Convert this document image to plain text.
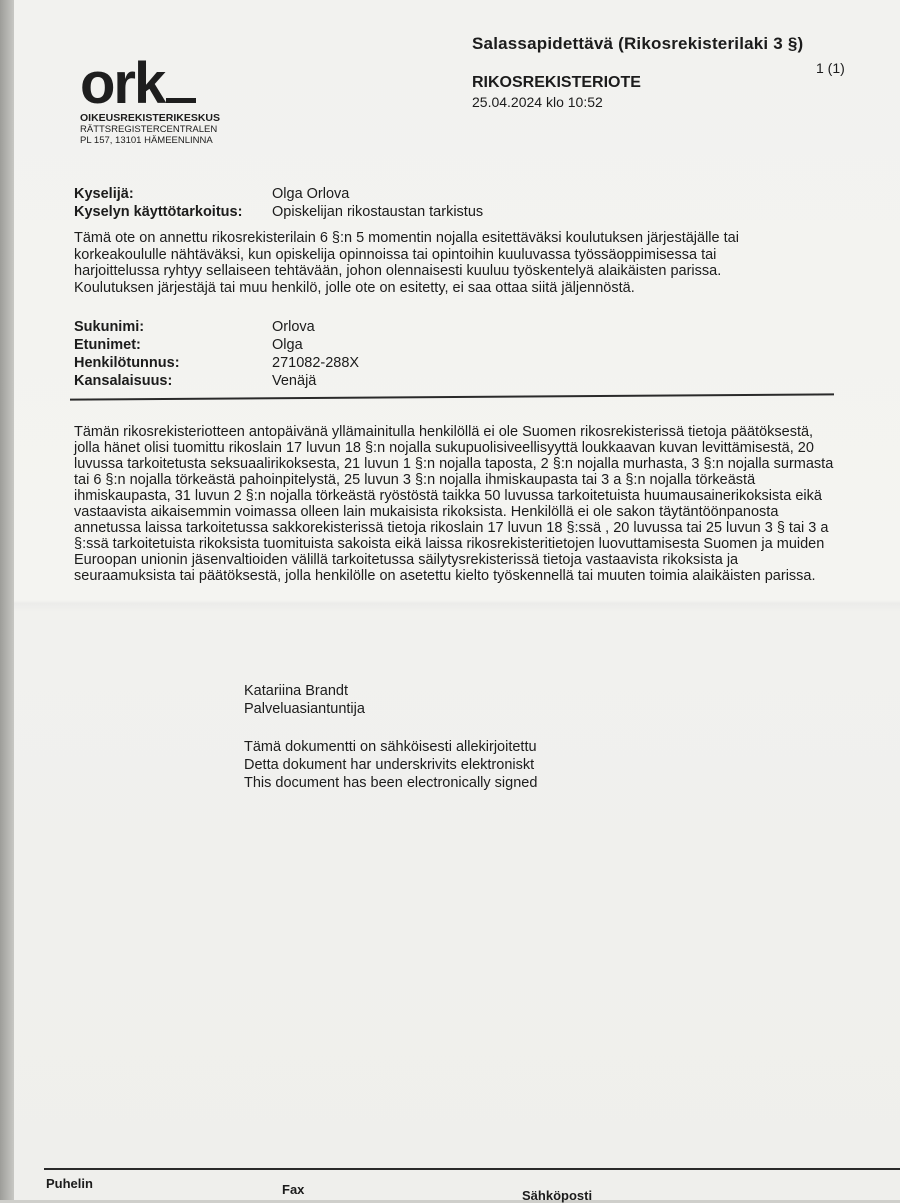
Salassapidettävä (Rikosrekisterilaki 3 §)
1 (1)
RIKOSREKISTERIOTE
25.04.2024 klo 10:52
ork
OIKEUSREKISTERIKESKUS
RÄTTSREGISTERCENTRALEN
PL 157, 13101 HÄMEENLINNA
Kyselijä:	Olga Orlova
Kyselyn käyttötarkoitus:	Opiskelijan rikostaustan tarkistus
Tämä ote on annettu rikosrekisterilain 6 §:n 5 momentin nojalla esitettäväksi koulutuksen järjestäjälle tai korkeakoululle nähtäväksi, kun opiskelija opinnoissa tai opintoihin kuuluvassa työssäoppimisessa tai harjoittelussa ryhtyy sellaiseen tehtävään, johon olennaisesti kuuluu työskentelyä alaikäisten parissa. Koulutuksen järjestäjä tai muu henkilö, jolle ote on esitetty, ei saa ottaa siitä jäljennöstä.
Sukunimi:	Orlova
Etunimet:	Olga
Henkilötunnus:	271082-288X
Kansalaisuus:	Venäjä
Tämän rikosrekisteriotteen antopäivänä yllämainitulla henkilöllä ei ole Suomen rikosrekisterissä tietoja päätöksestä, jolla hänet olisi tuomittu rikoslain 17 luvun 18 §:n nojalla sukupuolisiveellisyyttä loukkaavan kuvan levittämisestä, 20 luvussa tarkoitetusta seksuaalirikoksesta, 21 luvun 1 §:n nojalla taposta, 2 §:n nojalla murhasta, 3 §:n nojalla surmasta tai 6 §:n nojalla törkeästä pahoinpitelystä, 25 luvun 3 §:n nojalla ihmiskaupasta tai 3 a §:n nojalla törkeästä ihmiskaupasta, 31 luvun 2 §:n nojalla törkeästä ryöstöstä taikka 50 luvussa tarkoitetuista huumausainerikoksista eikä vastaavista aikaisemmin voimassa olleen lain mukaisista rikoksista. Henkilöllä ei ole sakon täytäntöönpanosta annetussa laissa tarkoitetussa sakkorekisterissä tietoja rikoslain 17 luvun 18 §:ssä , 20 luvussa tai 25 luvun 3 § tai 3 a §:ssä tarkoitetuista rikoksista tuomituista sakoista eikä laissa rikosrekisteritietojen luovuttamisesta Suomen ja muiden Euroopan unionin jäsenvaltioiden välillä tarkoitetussa säilytysrekisterissä tietoja vastaavista rikoksista ja seuraamuksista tai päätöksestä, jolla henkilölle on asetettu kielto työskennellä tai muuten toimia alaikäisten parissa.
Katariina Brandt
Palveluasiantuntija
Tämä dokumentti on sähköisesti allekirjoitettu
Detta dokument har underskrivits elektroniskt
This document has been electronically signed
Puhelin	Fax	Sähköposti
